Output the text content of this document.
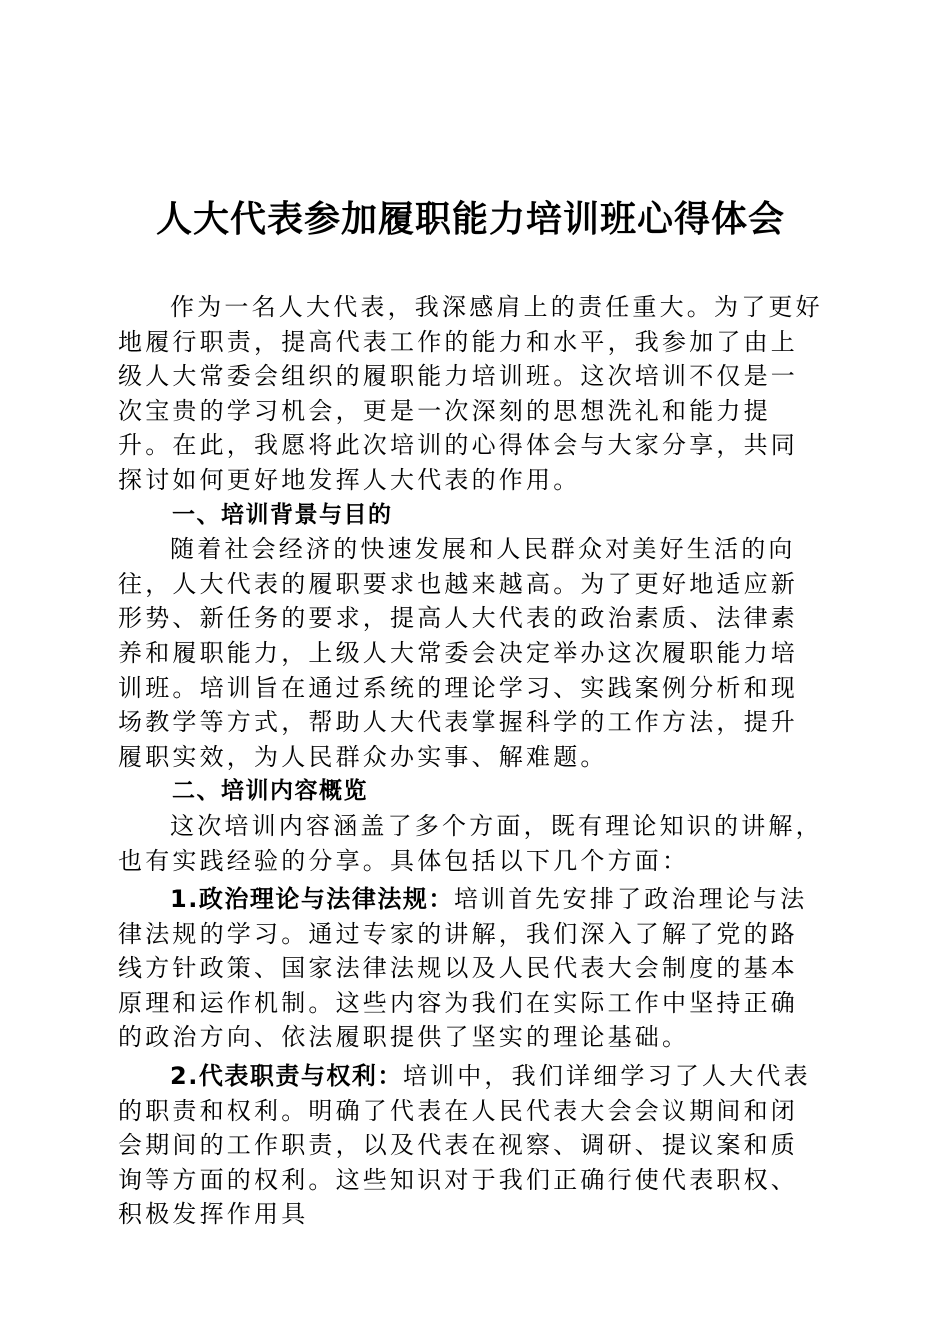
人大代表参加履职能力培训班心得体会

作为一名人大代表，我深感肩上的责任重大。为了更好地履行职责，提高代表工作的能力和水平，我参加了由上级人大常委会组织的履职能力培训班。这次培训不仅是一次宝贵的学习机会，更是一次深刻的思想洗礼和能力提升。在此，我愿将此次培训的心得体会与大家分享，共同探讨如何更好地发挥人大代表的作用。

一、培训背景与目的

随着社会经济的快速发展和人民群众对美好生活的向往，人大代表的履职要求也越来越高。为了更好地适应新形势、新任务的要求，提高人大代表的政治素质、法律素养和履职能力，上级人大常委会决定举办这次履职能力培训班。培训旨在通过系统的理论学习、实践案例分析和现场教学等方式，帮助人大代表掌握科学的工作方法，提升履职实效，为人民群众办实事、解难题。

二、培训内容概览

这次培训内容涵盖了多个方面，既有理论知识的讲解，也有实践经验的分享。具体包括以下几个方面：

1.政治理论与法律法规：培训首先安排了政治理论与法律法规的学习。通过专家的讲解，我们深入了解了党的路线方针政策、国家法律法规以及人民代表大会制度的基本原理和运作机制。这些内容为我们在实际工作中坚持正确的政治方向、依法履职提供了坚实的理论基础。

2.代表职责与权利：培训中，我们详细学习了人大代表的职责和权利。明确了代表在人民代表大会会议期间和闭会期间的工作职责，以及代表在视察、调研、提议案和质询等方面的权利。这些知识对于我们正确行使代表职权、积极发挥作用具
